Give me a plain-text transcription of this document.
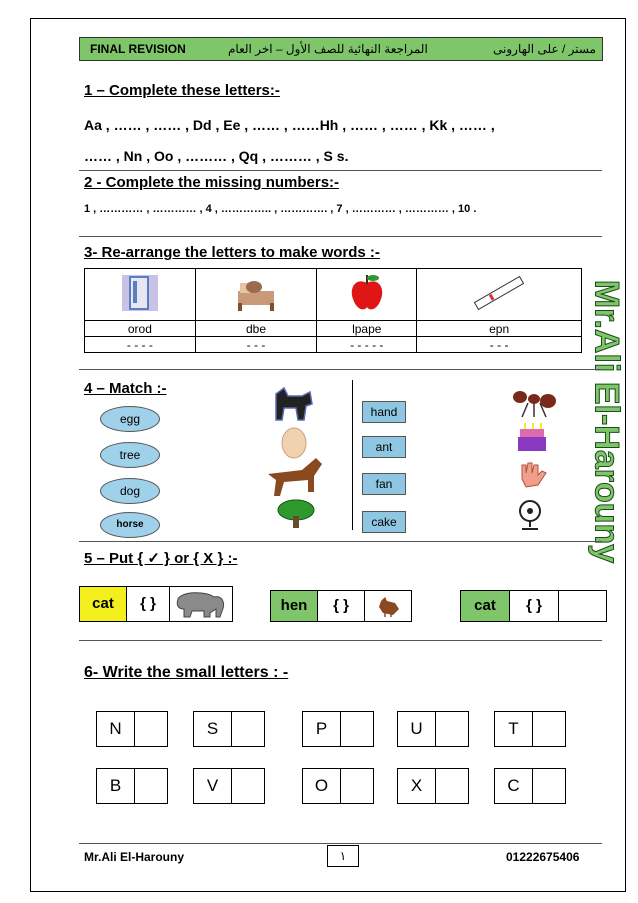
FINAL REVISION	المراجعة النهائية للصف الأول – اخر العام	مستر / على الهارونى
Mr.Ali El-Harouny
1 – Complete these letters:-
Aa , …… , …… , Dd , Ee , …… , ……Hh , …… , …… , Kk , …… ,
…… , Nn , Oo , ……… , Qq , ……… , S s.
2 - Complete the missing numbers:-
1 , ………… , ………… , 4 , ………….. , …………. , 7 , ………… , ………… , 10 .
3- Re-arrange the letters to make words :-

orod	dbe	lpape	epn
- - - -	- - -	- - - - -	- - -
4 – Match :-
egg
tree
dog
horse
hand
ant
fan
cake
5 – Put { ✓ } or { X } :-
cat	{ }	hen	{ }	cat	{ }
6- Write the small letters : -
N	S	P	U	T
B	V	O	X	C
Mr.Ali El-Harouny	١	01222675406
